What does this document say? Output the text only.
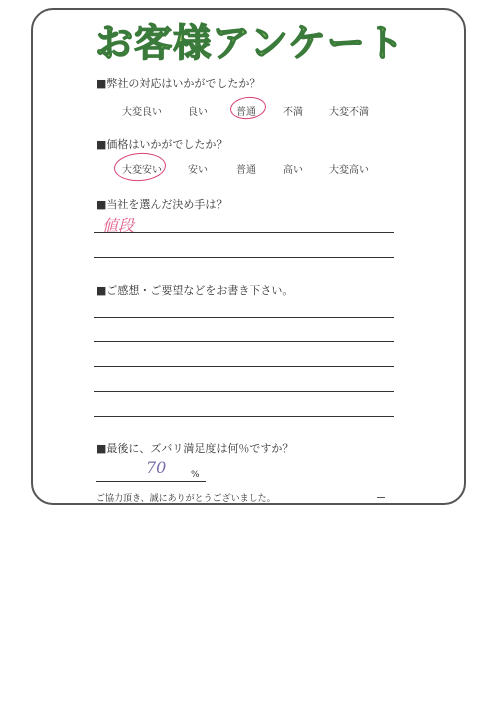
お客様アンケート
■弊社の対応はいかがでしたか？
大変良い	良い	普通	不満	大変不満
■価格はいかがでしたか？
大変安い	安い	普通	高い	大変高い
■当社を選んだ決め手は？
値段
■ご感想・ご要望などをお書き下さい。
■最後に、ズバリ満足度は何％ですか？
70	%
ご協力頂き、誠にありがとうございました。
